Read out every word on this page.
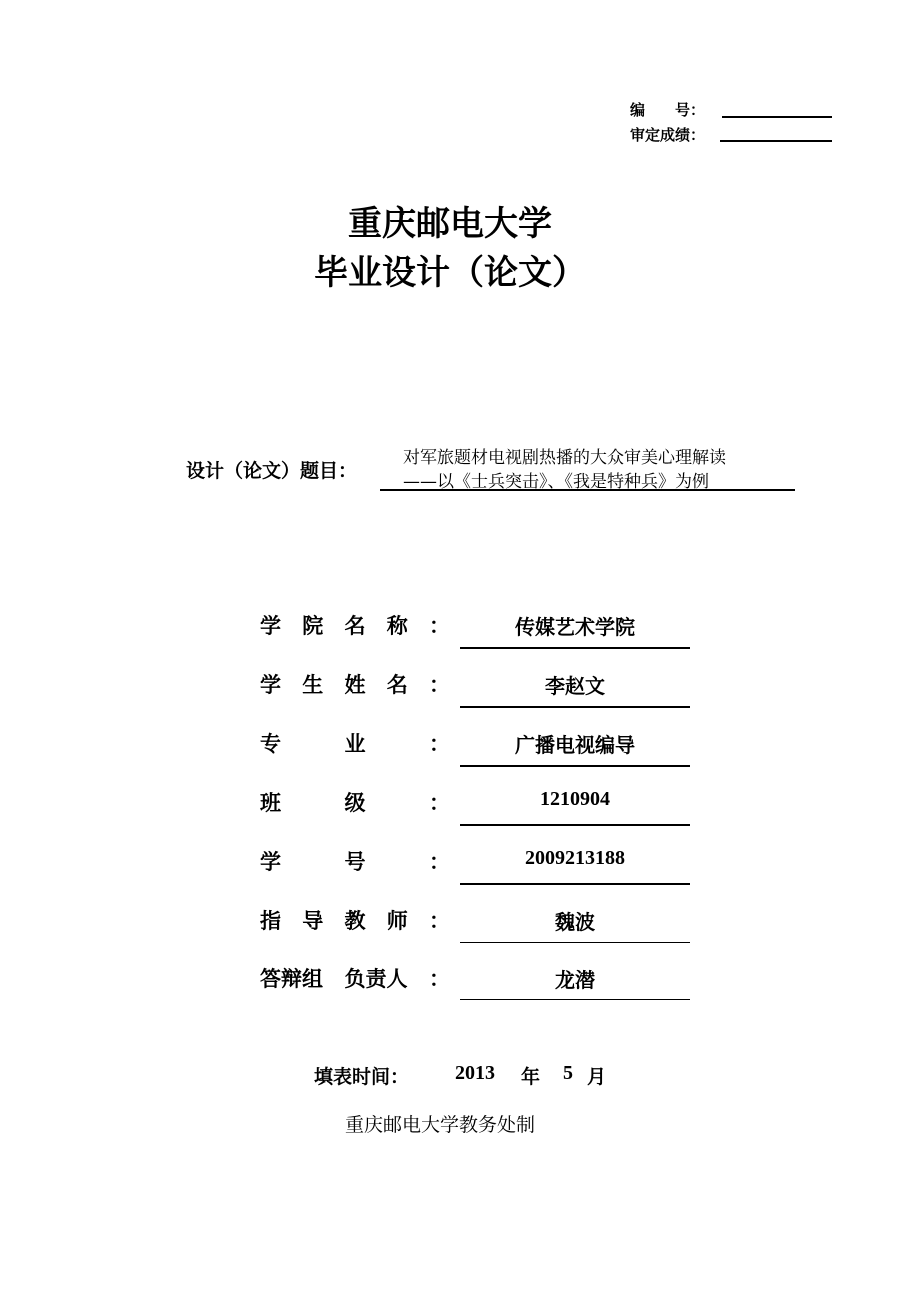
编　　号：
审定成绩：
重庆邮电大学
毕业设计（论文）
设计（论文）题目：
对军旅题材电视剧热播的大众审美心理解读
——以《士兵突击》、《我是特种兵》为例
学 院 名 称 ：	传媒艺术学院
学 生 姓 名 ：	李赵文
专	业	：	广播电视编导
班	级	：	1210904
学	号	：	2009213188
指 导 教 师 ：	魏波
答辩组 负责人 ：	龙潜
填表时间： 2013 年 5 月
重庆邮电大学教务处制
